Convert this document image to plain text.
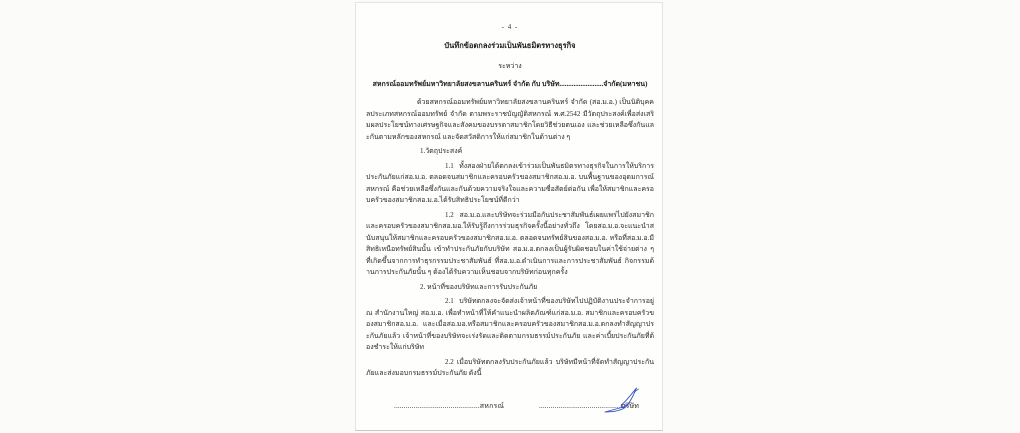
- 4 -
บันทึกข้อตกลงร่วมเป็นพันธมิตรทางธุรกิจ
ระหว่าง
สหกรณ์ออมทรัพย์มหาวิทยาลัยสงขลานครินทร์ จำกัด กับ บริษัท.........................จำกัด(มหาชน)

ด้วยสหกรณ์ออมทรัพย์มหาวิทยาลัยสงขลานครินทร์ จำกัด (สอ.ม.อ.) เป็นนิติบุคคลประเภทสหกรณ์ออมทรัพย์ จำกัด ตามพระราชบัญญัติสหกรณ์ พ.ศ.2542 มีวัตถุประสงค์เพื่อส่งเสริมผลประโยชน์ทางเศรษฐกิจและสังคมของบรรดาสมาชิกโดยวิธีช่วยตนเอง และช่วยเหลือซึ่งกันและกันตามหลักของสหกรณ์ และจัดสวัสดิการให้แก่สมาชิกในด้านต่าง ๆ

1.วัตถุประสงค์

1.1 ทั้งสองฝ่ายได้ตกลงเข้าร่วมเป็นพันธมิตรทางธุรกิจในการให้บริการประกันภัยแก่สอ.ม.อ. ตลอดจนสมาชิกและครอบครัวของสมาชิกสอ.ม.อ. บนพื้นฐานของอุดมการณ์สหกรณ์ คือช่วยเหลือซึ่งกันและกันด้วยความจริงใจและความซื่อสัตย์ต่อกัน เพื่อให้สมาชิกและครอบครัวของสมาชิกสอ.ม.อ.ได้รับสิทธิประโยชน์ที่ดีกว่า

1.2 สอ.ม.อ.และบริษัทจะร่วมมือกันประชาสัมพันธ์เผยแพร่ไปยังสมาชิกและครอบครัวของสมาชิกสอ.มอ.ให้รับรู้ถึงการร่วมธุรกิจครั้งนี้อย่างทั่วถึง โดยสอ.ม.อ.จะแนะนำสนับสนุนให้สมาชิกและครอบครัวของสมาชิกสอ.ม.อ. ตลอดจนทรัพย์สินของสอ.ม.อ. หรือที่สอ.ม.อ.มีสิทธิเหนือทรัพย์สินนั้น เข้าทำประกันภัยกับบริษัท สอ.ม.อ.ตกลงเป็นผู้รับผิดชอบในค่าใช้จ่ายต่าง ๆ ที่เกิดขึ้นจากการทำธุรกรรมประชาสัมพันธ์ ที่สอ.ม.อ.ดำเนินการและการประชาสัมพันธ์ กิจกรรมด้านการประกันภัยนั้น ๆ ต้องได้รับความเห็นชอบจากบริษัทก่อนทุกครั้ง

2. หน้าที่ของบริษัทและการรับประกันภัย

2.1 บริษัทตกลงจะจัดส่งเจ้าหน้าที่ของบริษัทไปปฏิบัติงานประจำการอยู่ ณ สำนักงานใหญ่ สอ.ม.อ. เพื่อทำหน้าที่ให้คำแนะนำผลิตภัณฑ์แก่สอ.ม.อ. สมาชิกและครอบครัวของสมาชิกสอ.ม.อ. และเมื่อสอ.มอ.หรือสมาชิกและครอบครัวของสมาชิกสอ.ม.อ.ตกลงทำสัญญาประกันภัยแล้ว เจ้าหน้าที่ของบริษัทจะเร่งรัดและติดตามกรมธรรม์ประกันภัย และค่าเบี้ยประกันภัยที่ต้องชำระให้แก่บริษัท

2.2 เมื่อบริษัทตกลงรับประกันภัยแล้ว บริษัทมีหน้าที่จัดทำสัญญาประกันภัยและส่งมอบกรมธรรม์ประกันภัย ดังนี้

............................................สหกรณ์	..........................................บริษัท
